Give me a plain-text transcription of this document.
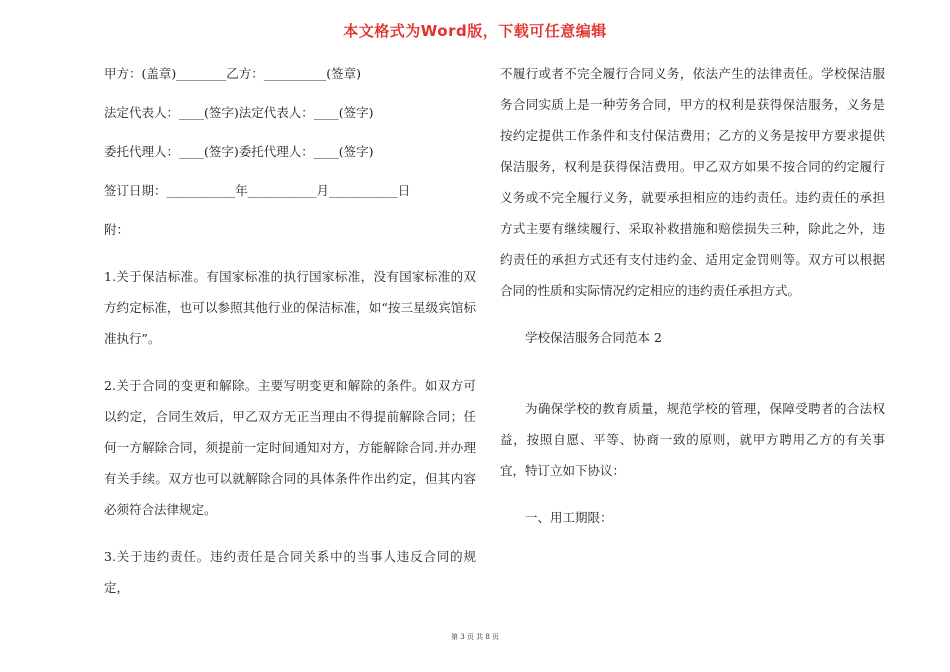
本文格式为Word版，下载可任意编辑

甲方：(盖章)________乙方：__________(签章)

法定代表人：____(签字)法定代表人：____(签字)

委托代理人：____(签字)委托代理人：____(签字)

签订日期：___________年___________月___________日

附：

1.关于保洁标准。有国家标准的执行国家标准，没有国家标准的双方约定标准，也可以参照其他行业的保洁标准，如“按三星级宾馆标准执行”。

2.关于合同的变更和解除。主要写明变更和解除的条件。如双方可以约定，合同生效后，甲乙双方无正当理由不得提前解除合同；任何一方解除合同，须提前一定时间通知对方，方能解除合同.并办理有关手续。双方也可以就解除合同的具体条件作出约定，但其内容必须符合法律规定。

3.关于违约责任。违约责任是合同关系中的当事人违反合同的规定，

不履行或者不完全履行合同义务，依法产生的法律责任。学校保洁服务合同实质上是一种劳务合同，甲方的权利是获得保洁服务，义务是按约定提供工作条件和支付保洁费用；乙方的义务是按甲方要求提供保洁服务，权利是获得保洁费用。甲乙双方如果不按合同的约定履行义务或不完全履行义务，就要承担相应的违约责任。违约责任的承担方式主要有继续履行、采取补救措施和赔偿损失三种，除此之外，违约责任的承担方式还有支付违约金、适用定金罚则等。双方可以根据合同的性质和实际情况约定相应的违约责任承担方式。

学校保洁服务合同范本 2

为确保学校的教育质量，规范学校的管理，保障受聘者的合法权益，按照自愿、平等、协商一致的原则，就甲方聘用乙方的有关事宜，特订立如下协议：

一、用工期限：

第 3 页 共 8 页
